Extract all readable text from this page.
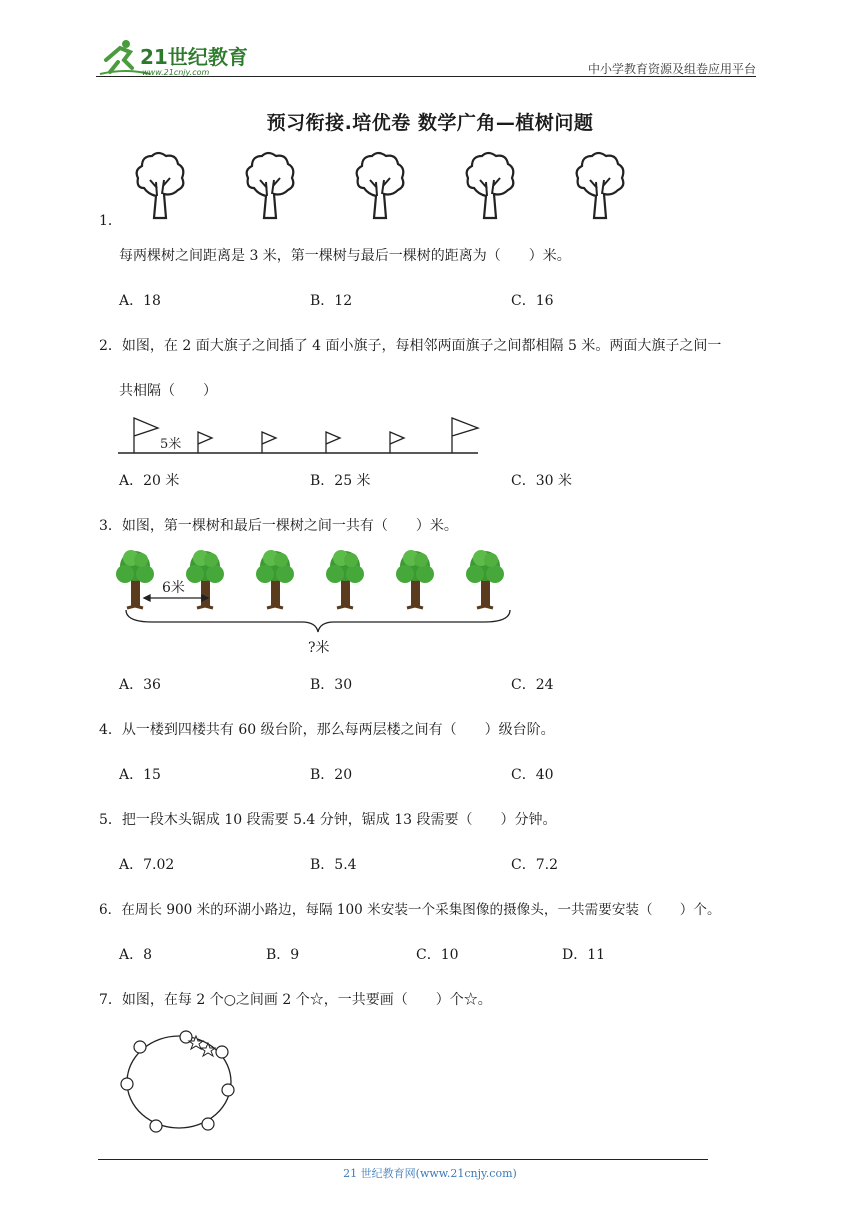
21世纪教育
www.21cnjy.com	中小学教育资源及组卷应用平台
预习衔接.培优卷 数学广角—植树问题
1．
每两棵树之间距离是 3 米，第一棵树与最后一棵树的距离为（　　）米。
A．18	B．12	C．16
2．如图，在 2 面大旗子之间插了 4 面小旗子，每相邻两面旗子之间都相隔 5 米。两面大旗子之间一
共相隔（　　）
5米
A．20 米	B．25 米	C．30 米
3．如图，第一棵树和最后一棵树之间一共有（　　）米。
6米
?米
A．36	B．30	C．24
4．从一楼到四楼共有 60 级台阶，那么每两层楼之间有（　　）级台阶。
A．15	B．20	C．40
5．把一段木头锯成 10 段需要 5.4 分钟，锯成 13 段需要（　　）分钟。
A．7.02	B．5.4	C．7.2
6．在周长 900 米的环湖小路边，每隔 100 米安装一个采集图像的摄像头，一共需要安装（　　）个。
A．8	B．9	C．10	D．11
7．如图，在每 2 个○之间画 2 个☆，一共要画（　　）个☆。
21 世纪教育网(www.21cnjy.com)
